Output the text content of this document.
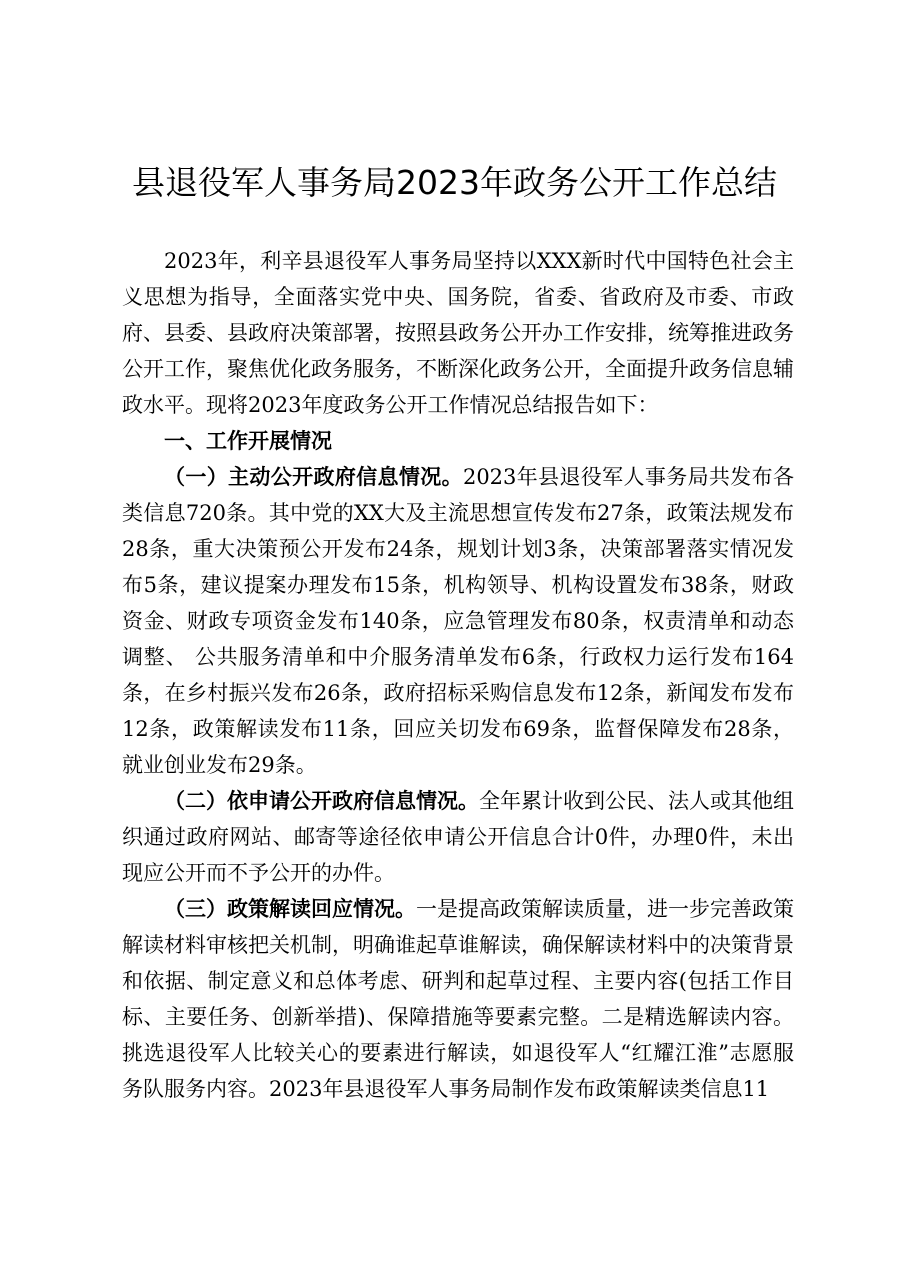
县退役军人事务局2023年政务公开工作总结

2023年，利辛县退役军人事务局坚持以XXX新时代中国特色社会主义思想为指导，全面落实党中央、国务院，省委、省政府及市委、市政府、县委、县政府决策部署，按照县政务公开办工作安排，统筹推进政务公开工作，聚焦优化政务服务，不断深化政务公开，全面提升政务信息辅政水平。现将2023年度政务公开工作情况总结报告如下：

一、工作开展情况

（一）主动公开政府信息情况。2023年县退役军人事务局共发布各类信息720条。其中党的XX大及主流思想宣传发布27条，政策法规发布28条，重大决策预公开发布24条，规划计划3条，决策部署落实情况发布5条，建议提案办理发布15条，机构领导、机构设置发布38条，财政资金、财政专项资金发布140条，应急管理发布80条，权责清单和动态调整、 公共服务清单和中介服务清单发布6条，行政权力运行发布164条，在乡村振兴发布26条，政府招标采购信息发布12条，新闻发布发布12条，政策解读发布11条，回应关切发布69条，监督保障发布28条，就业创业发布29条。

（二）依申请公开政府信息情况。全年累计收到公民、法人或其他组织通过政府网站、邮寄等途径依申请公开信息合计0件，办理0件，未出现应公开而不予公开的办件。

（三）政策解读回应情况。一是提高政策解读质量，进一步完善政策解读材料审核把关机制，明确谁起草谁解读，确保解读材料中的决策背景和依据、制定意义和总体考虑、研判和起草过程、主要内容(包括工作目标、主要任务、创新举措)、保障措施等要素完整。二是精选解读内容。挑选退役军人比较关心的要素进行解读，如退役军人“红耀江淮”志愿服务队服务内容。2023年县退役军人事务局制作发布政策解读类信息11
